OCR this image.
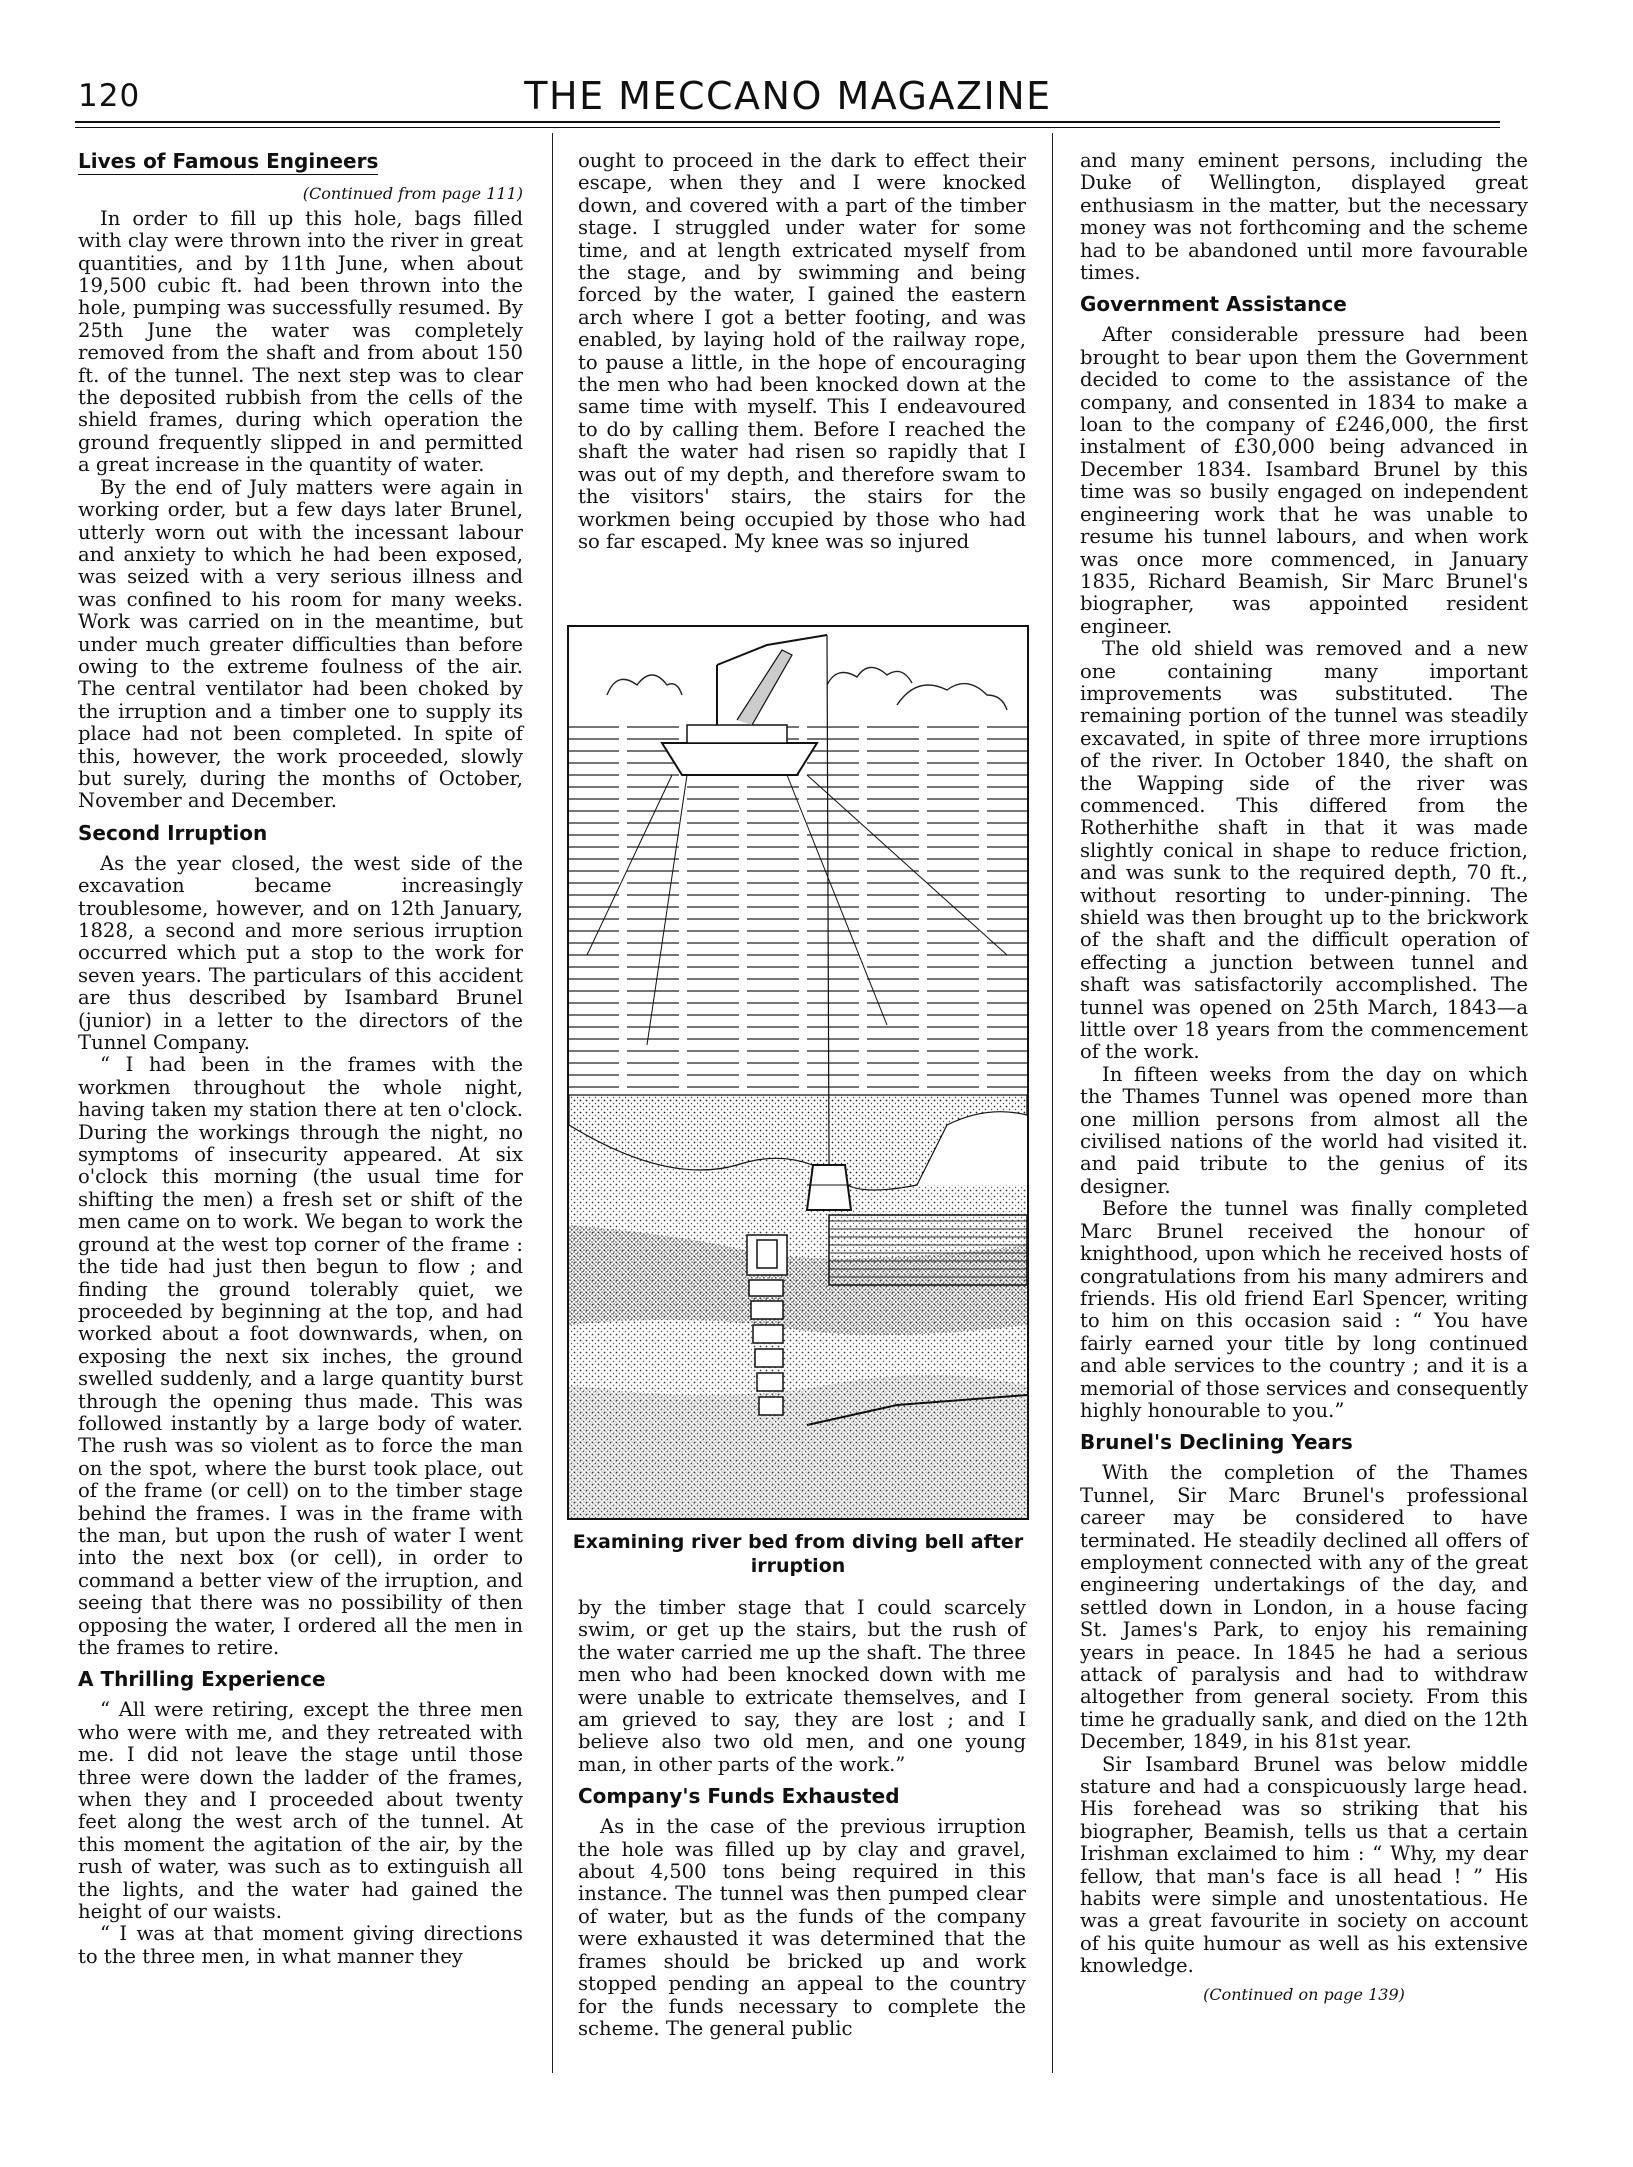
120	THE MECCANO MAGAZINE
Lives of Famous Engineers
(Continued from page 111)

In order to fill up this hole, bags filled with clay were thrown into the river in great quantities, and by 11th June, when about 19,500 cubic ft. had been thrown into the hole, pumping was successfully resumed. By 25th June the water was completely removed from the shaft and from about 150 ft. of the tunnel. The next step was to clear the deposited rubbish from the cells of the shield frames, during which operation the ground frequently slipped in and permitted a great increase in the quantity of water.

By the end of July matters were again in working order, but a few days later Brunel, utterly worn out with the incessant labour and anxiety to which he had been exposed, was seized with a very serious illness and was confined to his room for many weeks. Work was carried on in the meantime, but under much greater difficulties than before owing to the extreme foulness of the air. The central ventilator had been choked by the irruption and a timber one to supply its place had not been completed. In spite of this, however, the work proceeded, slowly but surely, during the months of October, November and December.

Second Irruption

As the year closed, the west side of the excavation became increasingly troublesome, however, and on 12th January, 1828, a second and more serious irruption occurred which put a stop to the work for seven years. The particulars of this accident are thus described by Isambard Brunel (junior) in a letter to the directors of the Tunnel Company.

“ I had been in the frames with the workmen throughout the whole night, having taken my station there at ten o'clock. During the workings through the night, no symptoms of insecurity appeared. At six o'clock this morning (the usual time for shifting the men) a fresh set or shift of the men came on to work. We began to work the ground at the west top corner of the frame : the tide had just then begun to flow ; and finding the ground tolerably quiet, we proceeded by beginning at the top, and had worked about a foot downwards, when, on exposing the next six inches, the ground swelled suddenly, and a large quantity burst through the opening thus made. This was followed instantly by a large body of water. The rush was so violent as to force the man on the spot, where the burst took place, out of the frame (or cell) on to the timber stage behind the frames. I was in the frame with the man, but upon the rush of water I went into the next box (or cell), in order to command a better view of the irruption, and seeing that there was no possibility of then opposing the water, I ordered all the men in the frames to retire.

A Thrilling Experience

“ All were retiring, except the three men who were with me, and they retreated with me. I did not leave the stage until those three were down the ladder of the frames, when they and I proceeded about twenty feet along the west arch of the tunnel. At this moment the agitation of the air, by the rush of water, was such as to extinguish all the lights, and the water had gained the height of our waists.

“ I was at that moment giving directions to the three men, in what manner they

ought to proceed in the dark to effect their escape, when they and I were knocked down, and covered with a part of the timber stage. I struggled under water for some time, and at length extricated myself from the stage, and by swimming and being forced by the water, I gained the eastern arch where I got a better footing, and was enabled, by laying hold of the railway rope, to pause a little, in the hope of encouraging the men who had been knocked down at the same time with myself. This I endeavoured to do by calling them. Before I reached the shaft the water had risen so rapidly that I was out of my depth, and therefore swam to the visitors' stairs, the stairs for the workmen being occupied by those who had so far escaped. My knee was so injured

Examining river bed from diving bell after irruption

by the timber stage that I could scarcely swim, or get up the stairs, but the rush of the water carried me up the shaft. The three men who had been knocked down with me were unable to extricate themselves, and I am grieved to say, they are lost ; and I believe also two old men, and one young man, in other parts of the work.”

Company's Funds Exhausted

As in the case of the previous irruption the hole was filled up by clay and gravel, about 4,500 tons being required in this instance. The tunnel was then pumped clear of water, but as the funds of the company were exhausted it was determined that the frames should be bricked up and work stopped pending an appeal to the country for the funds necessary to complete the scheme. The general public

and many eminent persons, including the Duke of Wellington, displayed great enthusiasm in the matter, but the necessary money was not forthcoming and the scheme had to be abandoned until more favourable times.

Government Assistance

After considerable pressure had been brought to bear upon them the Government decided to come to the assistance of the company, and consented in 1834 to make a loan to the company of £246,000, the first instalment of £30,000 being advanced in December 1834. Isambard Brunel by this time was so busily engaged on independent engineering work that he was unable to resume his tunnel labours, and when work was once more commenced, in January 1835, Richard Beamish, Sir Marc Brunel's biographer, was appointed resident engineer.

The old shield was removed and a new one containing many important improvements was substituted. The remaining portion of the tunnel was steadily excavated, in spite of three more irruptions of the river. In October 1840, the shaft on the Wapping side of the river was commenced. This differed from the Rotherhithe shaft in that it was made slightly conical in shape to reduce friction, and was sunk to the required depth, 70 ft., without resorting to under-pinning. The shield was then brought up to the brickwork of the shaft and the difficult operation of effecting a junction between tunnel and shaft was satisfactorily accomplished. The tunnel was opened on 25th March, 1843—a little over 18 years from the commencement of the work.

In fifteen weeks from the day on which the Thames Tunnel was opened more than one million persons from almost all the civilised nations of the world had visited it. and paid tribute to the genius of its designer.

Before the tunnel was finally completed Marc Brunel received the honour of knighthood, upon which he received hosts of congratulations from his many admirers and friends. His old friend Earl Spencer, writing to him on this occasion said : “ You have fairly earned your title by long continued and able services to the country ; and it is a memorial of those services and consequently highly honourable to you.”

Brunel's Declining Years

With the completion of the Thames Tunnel, Sir Marc Brunel's professional career may be considered to have terminated. He steadily declined all offers of employment connected with any of the great engineering undertakings of the day, and settled down in London, in a house facing St. James's Park, to enjoy his remaining years in peace. In 1845 he had a serious attack of paralysis and had to withdraw altogether from general society. From this time he gradually sank, and died on the 12th December, 1849, in his 81st year.

Sir Isambard Brunel was below middle stature and had a conspicuously large head. His forehead was so striking that his biographer, Beamish, tells us that a certain Irishman exclaimed to him : “ Why, my dear fellow, that man's face is all head ! ” His habits were simple and unostentatious. He was a great favourite in society on account of his quite humour as well as his extensive knowledge.

(Continued on page 139)
